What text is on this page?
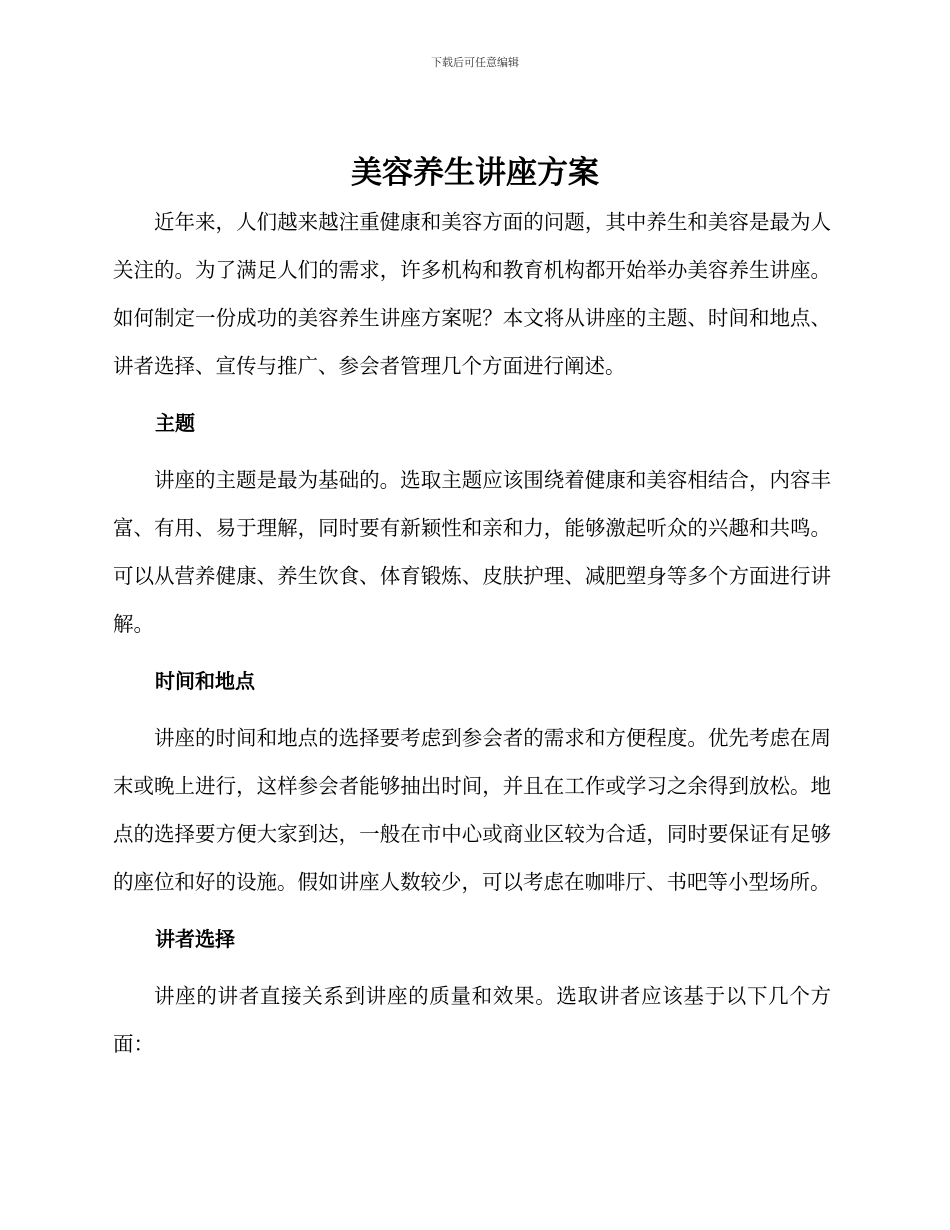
下载后可任意编辑
美容养生讲座方案

近年来，人们越来越注重健康和美容方面的问题，其中养生和美容是最为人关注的。为了满足人们的需求，许多机构和教育机构都开始举办美容养生讲座。如何制定一份成功的美容养生讲座方案呢？本文将从讲座的主题、时间和地点、讲者选择、宣传与推广、参会者管理几个方面进行阐述。

主题

讲座的主题是最为基础的。选取主题应该围绕着健康和美容相结合，内容丰富、有用、易于理解，同时要有新颖性和亲和力，能够激起听众的兴趣和共鸣。可以从营养健康、养生饮食、体育锻炼、皮肤护理、减肥塑身等多个方面进行讲解。

时间和地点

讲座的时间和地点的选择要考虑到参会者的需求和方便程度。优先考虑在周末或晚上进行，这样参会者能够抽出时间，并且在工作或学习之余得到放松。地点的选择要方便大家到达，一般在市中心或商业区较为合适，同时要保证有足够的座位和好的设施。假如讲座人数较少，可以考虑在咖啡厅、书吧等小型场所。

讲者选择

讲座的讲者直接关系到讲座的质量和效果。选取讲者应该基于以下几个方面：
